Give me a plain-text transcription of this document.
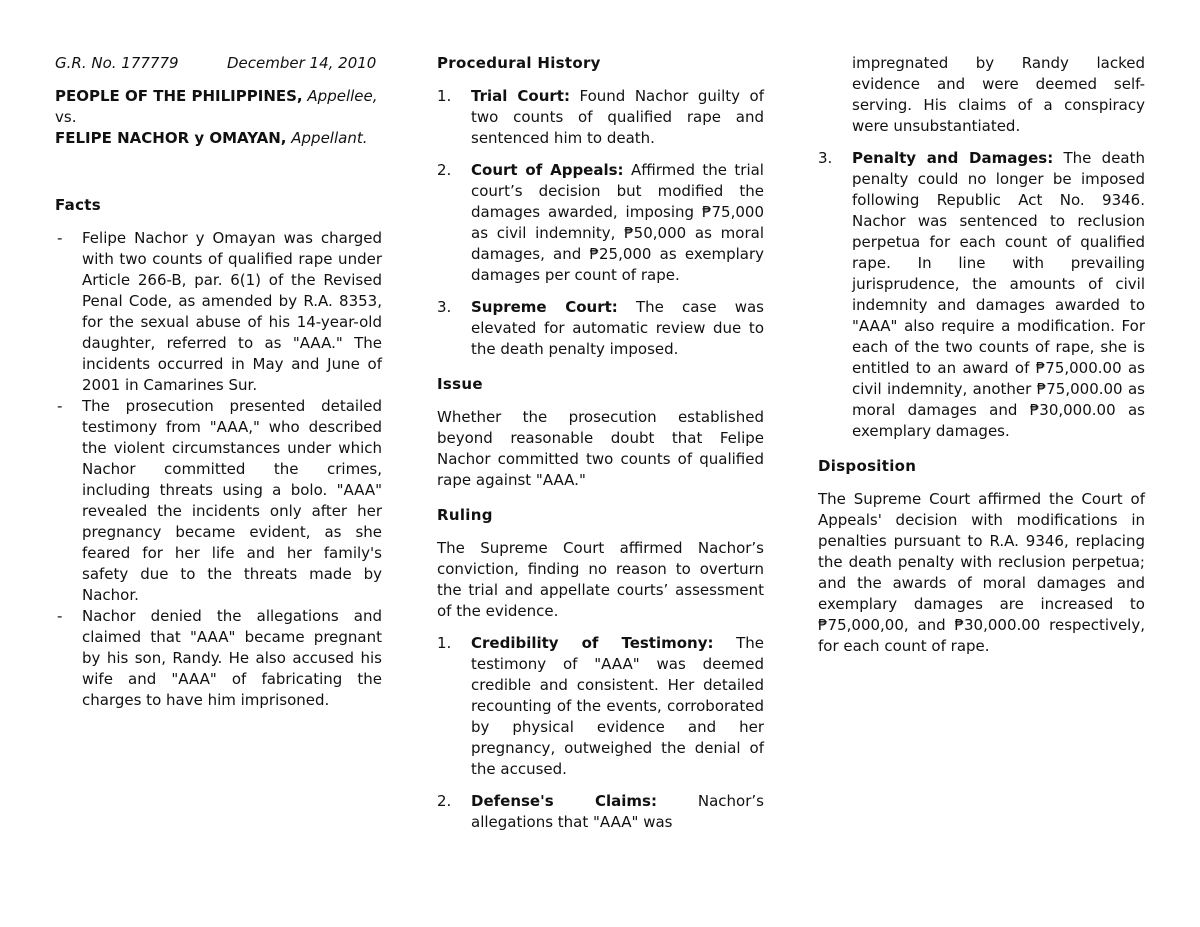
G.R. No. 177779	December 14, 2010

PEOPLE OF THE PHILIPPINES, Appellee,

vs.

FELIPE NACHOR y OMAYAN, Appellant.

Facts

- Felipe Nachor y Omayan was charged with two counts of qualified rape under Article 266-B, par. 6(1) of the Revised Penal Code, as amended by R.A. 8353, for the sexual abuse of his 14-year-old daughter, referred to as "AAA." The incidents occurred in May and June of 2001 in Camarines Sur.
- The prosecution presented detailed testimony from "AAA," who described the violent circumstances under which Nachor committed the crimes, including threats using a bolo. "AAA" revealed the incidents only after her pregnancy became evident, as she feared for her life and her family's safety due to the threats made by Nachor.
- Nachor denied the allegations and claimed that "AAA" became pregnant by his son, Randy. He also accused his wife and "AAA" of fabricating the charges to have him imprisoned.

Procedural History

1. Trial Court: Found Nachor guilty of two counts of qualified rape and sentenced him to death.
2. Court of Appeals: Affirmed the trial court’s decision but modified the damages awarded, imposing ₱75,000 as civil indemnity, ₱50,000 as moral damages, and ₱25,000 as exemplary damages per count of rape.
3. Supreme Court: The case was elevated for automatic review due to the death penalty imposed.

Issue

Whether the prosecution established beyond reasonable doubt that Felipe Nachor committed two counts of qualified rape against "AAA."

Ruling

The Supreme Court affirmed Nachor’s conviction, finding no reason to overturn the trial and appellate courts’ assessment of the evidence.

1. Credibility of Testimony: The testimony of "AAA" was deemed credible and consistent. Her detailed recounting of the events, corroborated by physical evidence and her pregnancy, outweighed the denial of the accused.
2. Defense's Claims:	Nachor’s allegations that "AAA" was

impregnated by Randy lacked evidence and were deemed self-serving. His claims of a conspiracy were unsubstantiated.

3. Penalty and Damages: The death penalty could no longer be imposed following Republic Act No. 9346. Nachor was sentenced to reclusion perpetua for each count of qualified rape. In line with prevailing jurisprudence, the amounts of civil indemnity and damages awarded to "AAA" also require a modification. For each of the two counts of rape, she is entitled to an award of ₱75,000.00 as civil indemnity, another ₱75,000.00 as moral damages and ₱30,000.00 as exemplary damages.

Disposition

The Supreme Court affirmed the Court of Appeals' decision with modifications in penalties pursuant to R.A. 9346, replacing the death penalty with reclusion perpetua; and the awards of moral damages and exemplary damages are increased to ₱75,000,00, and ₱30,000.00 respectively, for each count of rape.
